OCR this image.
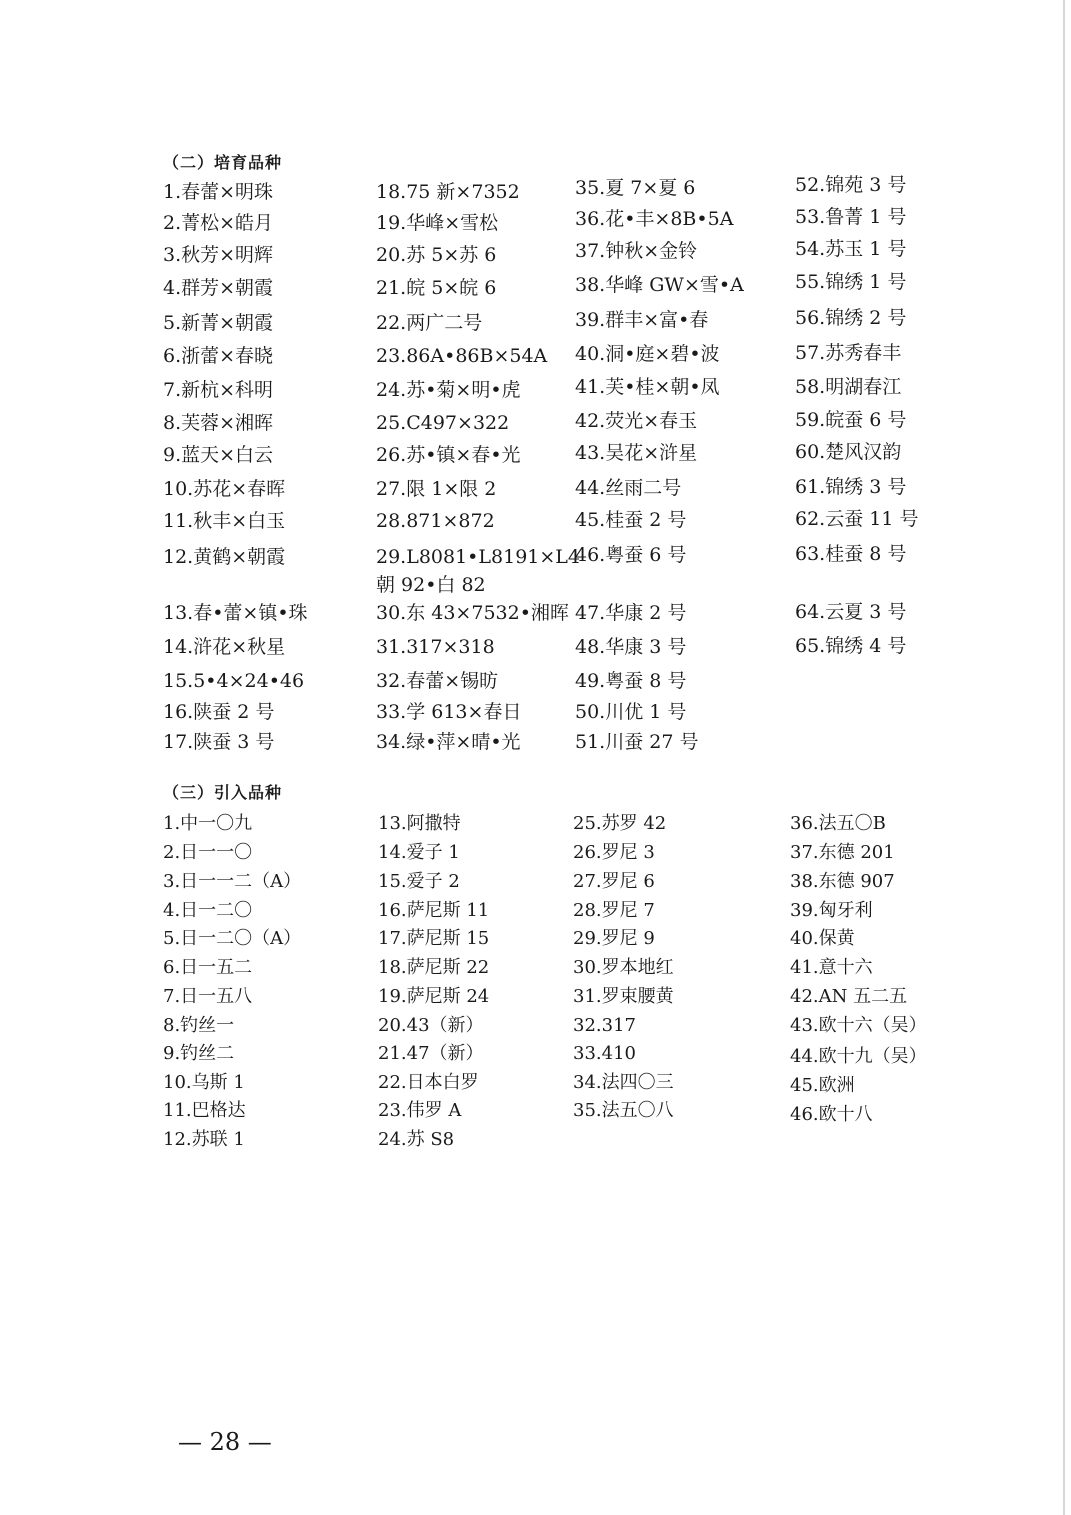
（二）培育品种
1.春蕾×明珠
2.菁松×皓月
3.秋芳×明辉
4.群芳×朝霞
5.新菁×朝霞
6.浙蕾×春晓
7.新杭×科明
8.芙蓉×湘晖
9.蓝天×白云
10.苏花×春晖
11.秋丰×白玉
12.黄鹤×朝霞
13.春•蕾×镇•珠
14.浒花×秋星
15.5•4×24•46
16.陕蚕 2 号
17.陕蚕 3 号
18.75 新×7352
19.华峰×雪松
20.苏 5×苏 6
21.皖 5×皖 6
22.两广二号
23.86A•86B×54A
24.苏•菊×明•虎
25.C497×322
26.苏•镇×春•光
27.限 1×限 2
28.871×872
29.L8081•L8191×L4
朝 92•白 82
30.东 43×7532•湘晖
31.317×318
32.春蕾×锡昉
33.学 613×春日
34.绿•萍×晴•光
35.夏 7×夏 6
36.花•丰×8B•5A
37.钟秋×金铃
38.华峰 GW×雪•A
39.群丰×富•春
40.洞•庭×碧•波
41.芙•桂×朝•凤
42.荧光×春玉
43.吴花×浒星
44.丝雨二号
45.桂蚕 2 号
46.粤蚕 6 号
47.华康 2 号
48.华康 3 号
49.粤蚕 8 号
50.川优 1 号
51.川蚕 27 号
52.锦苑 3 号
53.鲁菁 1 号
54.苏玉 1 号
55.锦绣 1 号
56.锦绣 2 号
57.苏秀春丰
58.明湖春江
59.皖蚕 6 号
60.楚风汉韵
61.锦绣 3 号
62.云蚕 11 号
63.桂蚕 8 号
64.云夏 3 号
65.锦绣 4 号
（三）引入品种
1.中一〇九
2.日一一〇
3.日一一二（A）
4.日一二〇
5.日一二〇（A）
6.日一五二
7.日一五八
8.钓丝一
9.钓丝二
10.乌斯 1
11.巴格达
12.苏联 1
13.阿撒特
14.爱子 1
15.爱子 2
16.萨尼斯 11
17.萨尼斯 15
18.萨尼斯 22
19.萨尼斯 24
20.43（新）
21.47（新）
22.日本白罗
23.伟罗 A
24.苏 S8
25.苏罗 42
26.罗尼 3
27.罗尼 6
28.罗尼 7
29.罗尼 9
30.罗本地红
31.罗束腰黄
32.317
33.410
34.法四〇三
35.法五〇八
36.法五〇B
37.东德 201
38.东德 907
39.匈牙利
40.保黄
41.意十六
42.AN 五二五
43.欧十六（吴）
44.欧十九（吴）
45.欧洲
46.欧十八
— 28 —
